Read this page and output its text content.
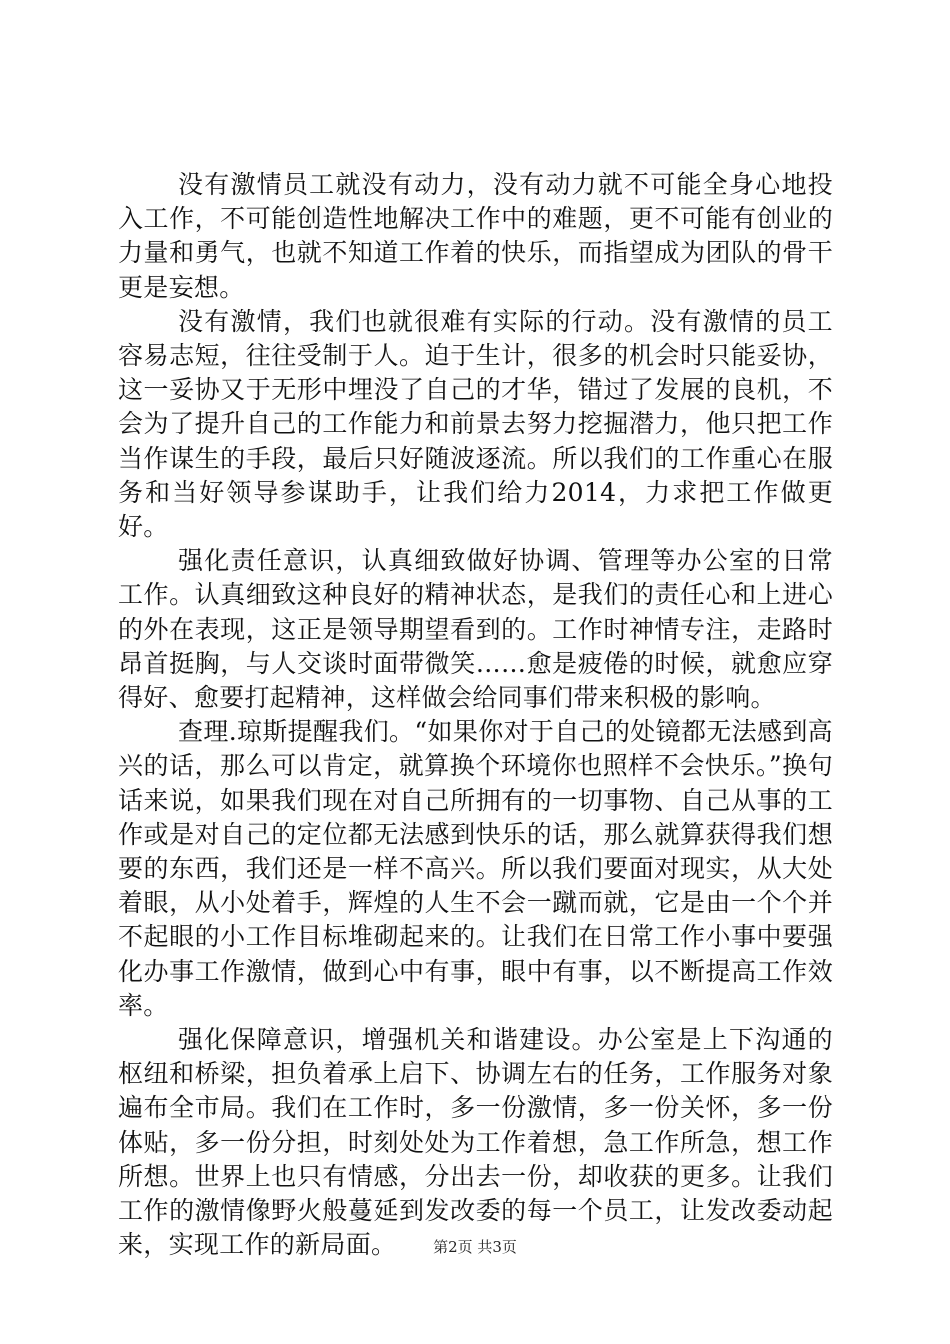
没有激情员工就没有动力，没有动力就不可能全身心地投入工作，不可能创造性地解决工作中的难题，更不可能有创业的力量和勇气，也就不知道工作着的快乐，而指望成为团队的骨干更是妄想。

没有激情，我们也就很难有实际的行动。没有激情的员工容易志短，往往受制于人。迫于生计，很多的机会时只能妥协，这一妥协又于无形中埋没了自己的才华，错过了发展的良机，不会为了提升自己的工作能力和前景去努力挖掘潜力，他只把工作当作谋生的手段，最后只好随波逐流。所以我们的工作重心在服务和当好领导参谋助手，让我们给力2014，力求把工作做更好。

强化责任意识，认真细致做好协调、管理等办公室的日常工作。认真细致这种良好的精神状态，是我们的责任心和上进心的外在表现，这正是领导期望看到的。工作时神情专注，走路时昂首挺胸，与人交谈时面带微笑……愈是疲倦的时候，就愈应穿得好、愈要打起精神，这样做会给同事们带来积极的影响。

查理.琼斯提醒我们。“如果你对于自己的处镜都无法感到高兴的话，那么可以肯定，就算换个环境你也照样不会快乐。”换句话来说，如果我们现在对自己所拥有的一切事物、自己从事的工作或是对自己的定位都无法感到快乐的话，那么就算获得我们想要的东西，我们还是一样不高兴。所以我们要面对现实，从大处着眼，从小处着手，辉煌的人生不会一蹴而就，它是由一个个并不起眼的小工作目标堆砌起来的。让我们在日常工作小事中要强化办事工作激情，做到心中有事，眼中有事，以不断提高工作效率。

强化保障意识，增强机关和谐建设。办公室是上下沟通的枢纽和桥梁，担负着承上启下、协调左右的任务，工作服务对象遍布全市局。我们在工作时，多一份激情，多一份关怀，多一份体贴，多一份分担，时刻处处为工作着想，急工作所急，想工作所想。世界上也只有情感，分出去一份，却收获的更多。让我们工作的激情像野火般蔓延到发改委的每一个员工，让发改委动起来，实现工作的新局面。	第2页 共3页
